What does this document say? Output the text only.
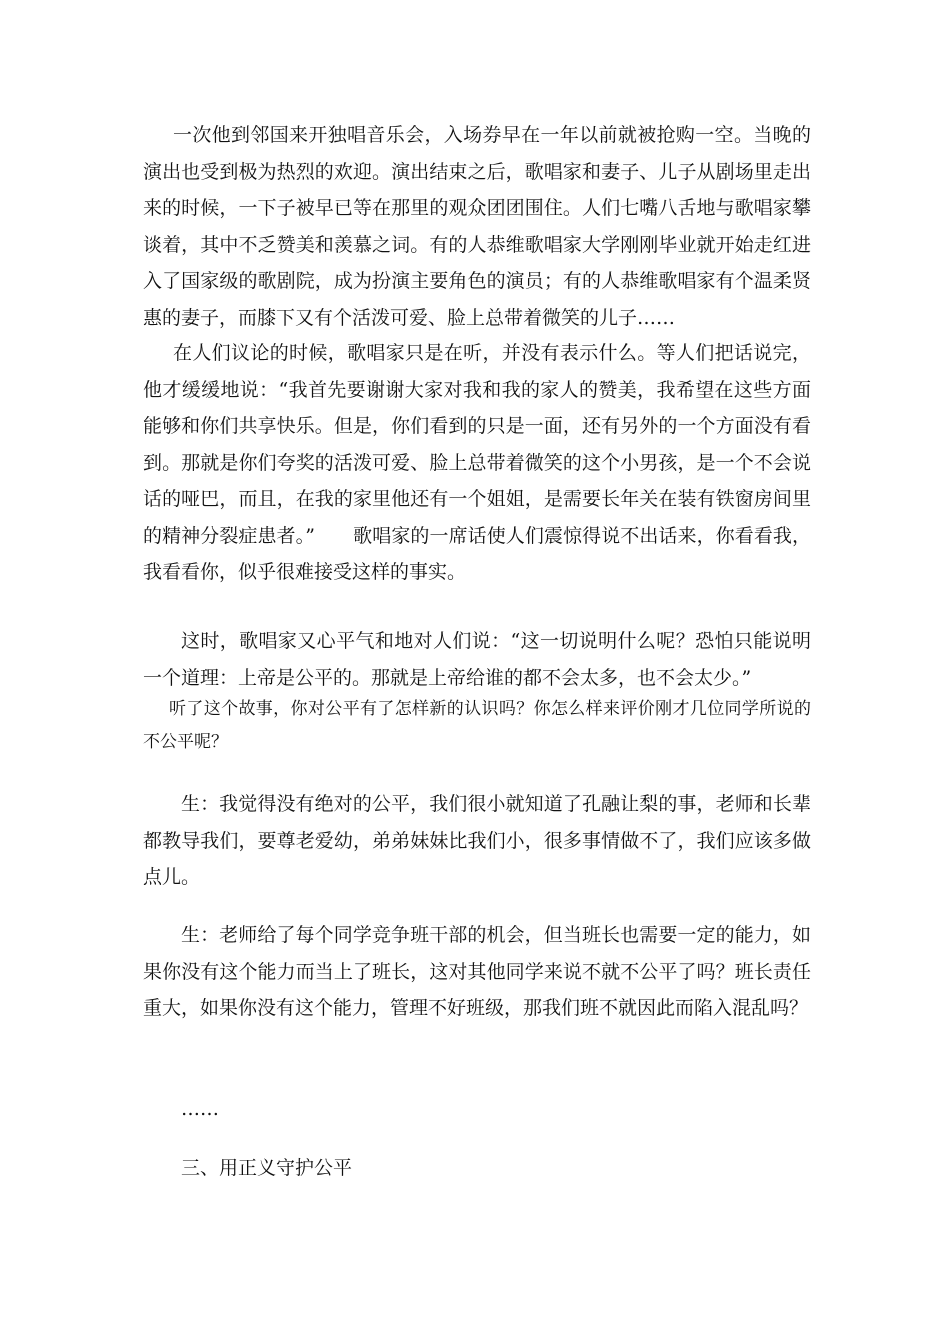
一次他到邻国来开独唱音乐会，入场券早在一年以前就被抢购一空。当晚的演出也受到极为热烈的欢迎。演出结束之后，歌唱家和妻子、儿子从剧场里走出来的时候，一下子被早已等在那里的观众团团围住。人们七嘴八舌地与歌唱家攀谈着，其中不乏赞美和羡慕之词。有的人恭维歌唱家大学刚刚毕业就开始走红进入了国家级的歌剧院，成为扮演主要角色的演员；有的人恭维歌唱家有个温柔贤惠的妻子，而膝下又有个活泼可爱、脸上总带着微笑的儿子……

在人们议论的时候，歌唱家只是在听，并没有表示什么。等人们把话说完，他才缓缓地说：“我首先要谢谢大家对我和我的家人的赞美，我希望在这些方面能够和你们共享快乐。但是，你们看到的只是一面，还有另外的一个方面没有看到。那就是你们夸奖的活泼可爱、脸上总带着微笑的这个小男孩，是一个不会说话的哑巴，而且，在我的家里他还有一个姐姐，是需要长年关在装有铁窗房间里的精神分裂症患者。”　　歌唱家的一席话使人们震惊得说不出话来，你看看我，我看看你，似乎很难接受这样的事实。

这时，歌唱家又心平气和地对人们说：“这一切说明什么呢？恐怕只能说明一个道理：上帝是公平的。那就是上帝给谁的都不会太多，也不会太少。”

听了这个故事，你对公平有了怎样新的认识吗？你怎么样来评价刚才几位同学所说的不公平呢？

生：我觉得没有绝对的公平，我们很小就知道了孔融让梨的事，老师和长辈都教导我们，要尊老爱幼，弟弟妹妹比我们小，很多事情做不了，我们应该多做点儿。

生：老师给了每个同学竞争班干部的机会，但当班长也需要一定的能力，如果你没有这个能力而当上了班长，这对其他同学来说不就不公平了吗？班长责任重大，如果你没有这个能力，管理不好班级，那我们班不就因此而陷入混乱吗？

……

三、用正义守护公平
